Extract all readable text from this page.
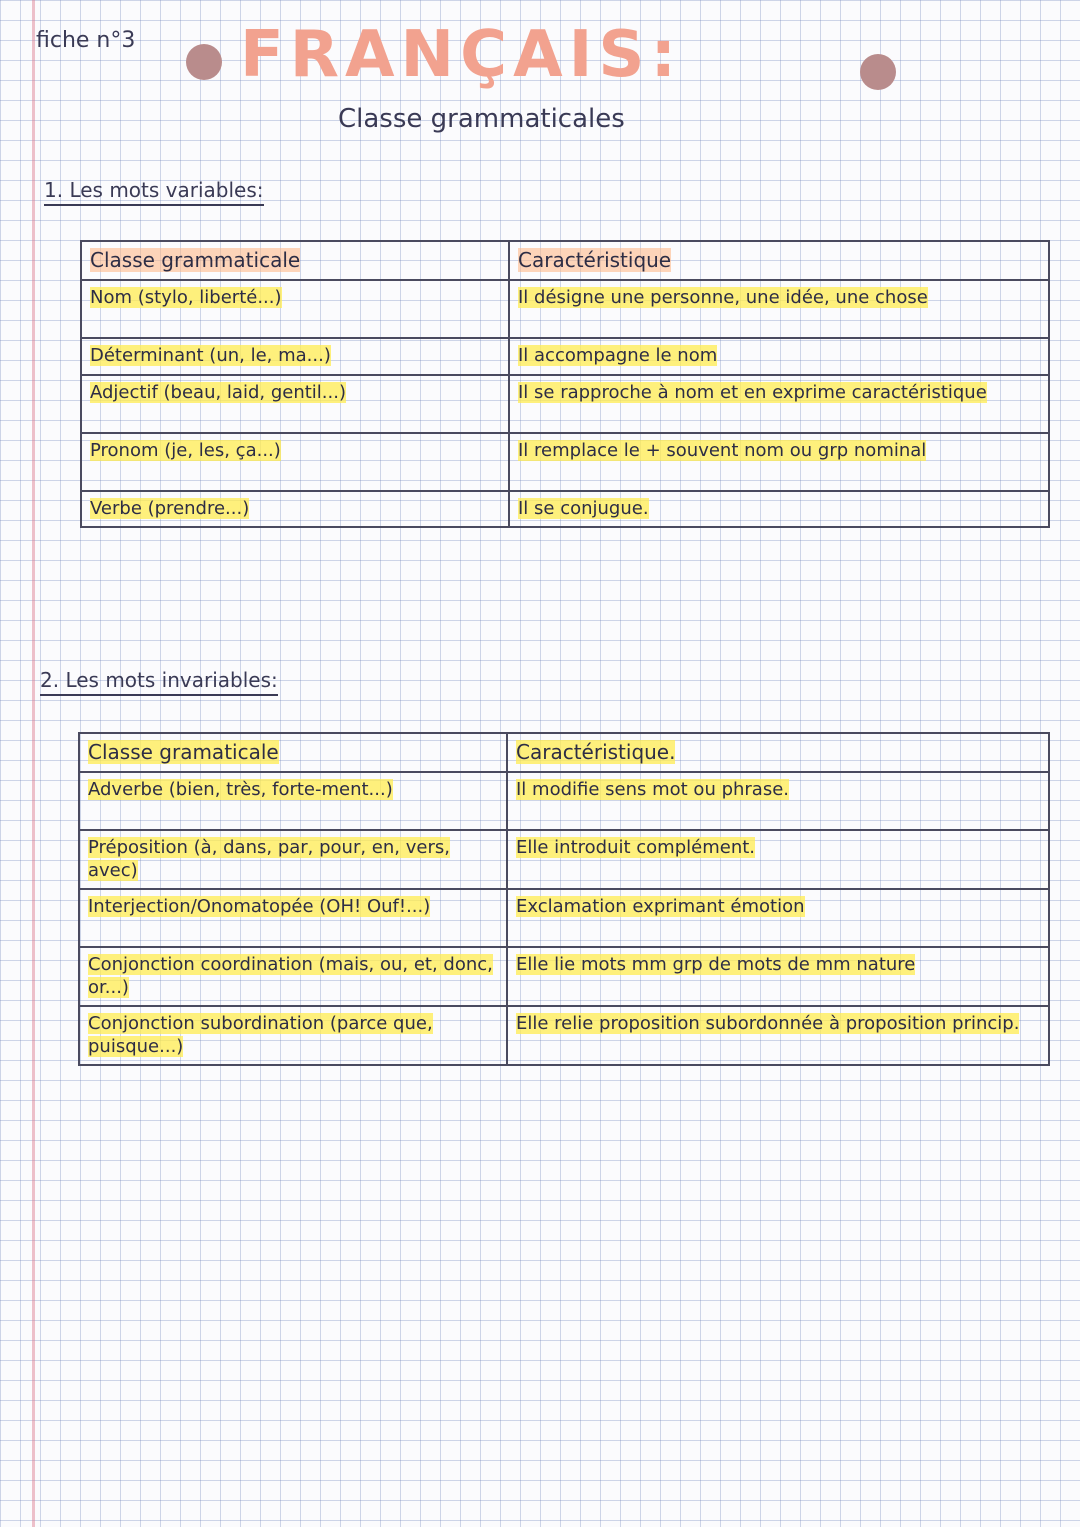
fiche n°3 FRANÇAIS:
Classe grammaticales
1. Les mots variables:
Classe grammaticale	Caractéristique
Nom (stylo, liberté...)	Il désigne une personne, une idée, une chose
Déterminant (un, le, ma...)	Il accompagne le nom
Adjectif (beau, laid, gentil...)	Il se rapproche à nom et en exprime caractéristique
Pronom (je, les, ça...)	Il remplace le + souvent nom ou grp nominal
Verbe (prendre...)	Il se conjugue.
2. Les mots invariables:
Classe gramaticale	Caractéristique.
Adverbe (bien, très, forte-ment...)	Il modifie sens mot ou phrase.
Préposition (à, dans, par, pour, en, vers, avec)	Elle introduit complément.
Interjection/Onomatopée (OH! Ouf!...)	Exclamation exprimant émotion
Conjonction coordination (mais, ou, et, donc, or...)	Elle lie mots mm grp de mots de mm nature
Conjonction subordination (parce que, puisque...)	Elle relie proposition subordonnée à proposition princip.
